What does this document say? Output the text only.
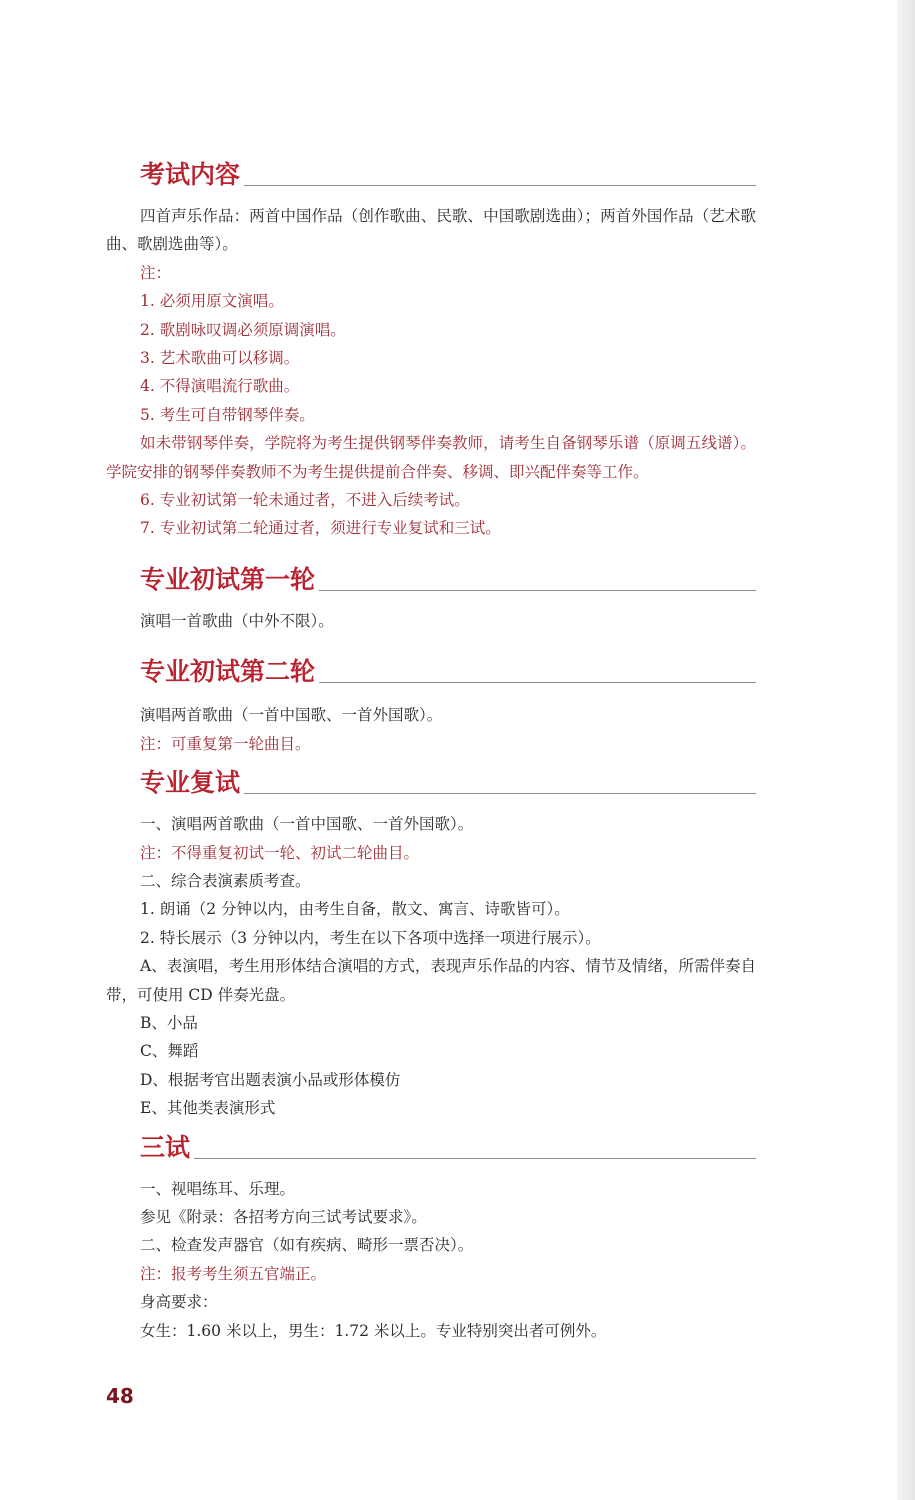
考试内容
四首声乐作品：两首中国作品（创作歌曲、民歌、中国歌剧选曲）；两首外国作品（艺术歌曲、歌剧选曲等）。
注：
1. 必须用原文演唱。
2. 歌剧咏叹调必须原调演唱。
3. 艺术歌曲可以移调。
4. 不得演唱流行歌曲。
5. 考生可自带钢琴伴奏。
如未带钢琴伴奏，学院将为考生提供钢琴伴奏教师，请考生自备钢琴乐谱（原调五线谱）。学院安排的钢琴伴奏教师不为考生提供提前合伴奏、移调、即兴配伴奏等工作。
6. 专业初试第一轮未通过者，不进入后续考试。
7. 专业初试第二轮通过者，须进行专业复试和三试。
专业初试第一轮
演唱一首歌曲（中外不限）。
专业初试第二轮
演唱两首歌曲（一首中国歌、一首外国歌）。
注：可重复第一轮曲目。
专业复试
一、演唱两首歌曲（一首中国歌、一首外国歌）。
注：不得重复初试一轮、初试二轮曲目。
二、综合表演素质考查。
1. 朗诵（2 分钟以内，由考生自备，散文、寓言、诗歌皆可）。
2. 特长展示（3 分钟以内，考生在以下各项中选择一项进行展示）。
A、表演唱，考生用形体结合演唱的方式，表现声乐作品的内容、情节及情绪，所需伴奏自带，可使用 CD 伴奏光盘。
B、小品
C、舞蹈
D、根据考官出题表演小品或形体模仿
E、其他类表演形式
三试
一、视唱练耳、乐理。
参见《附录：各招考方向三试考试要求》。
二、检查发声器官（如有疾病、畸形一票否决）。
注：报考考生须五官端正。
身高要求：
女生：1.60 米以上，男生：1.72 米以上。专业特别突出者可例外。
48
